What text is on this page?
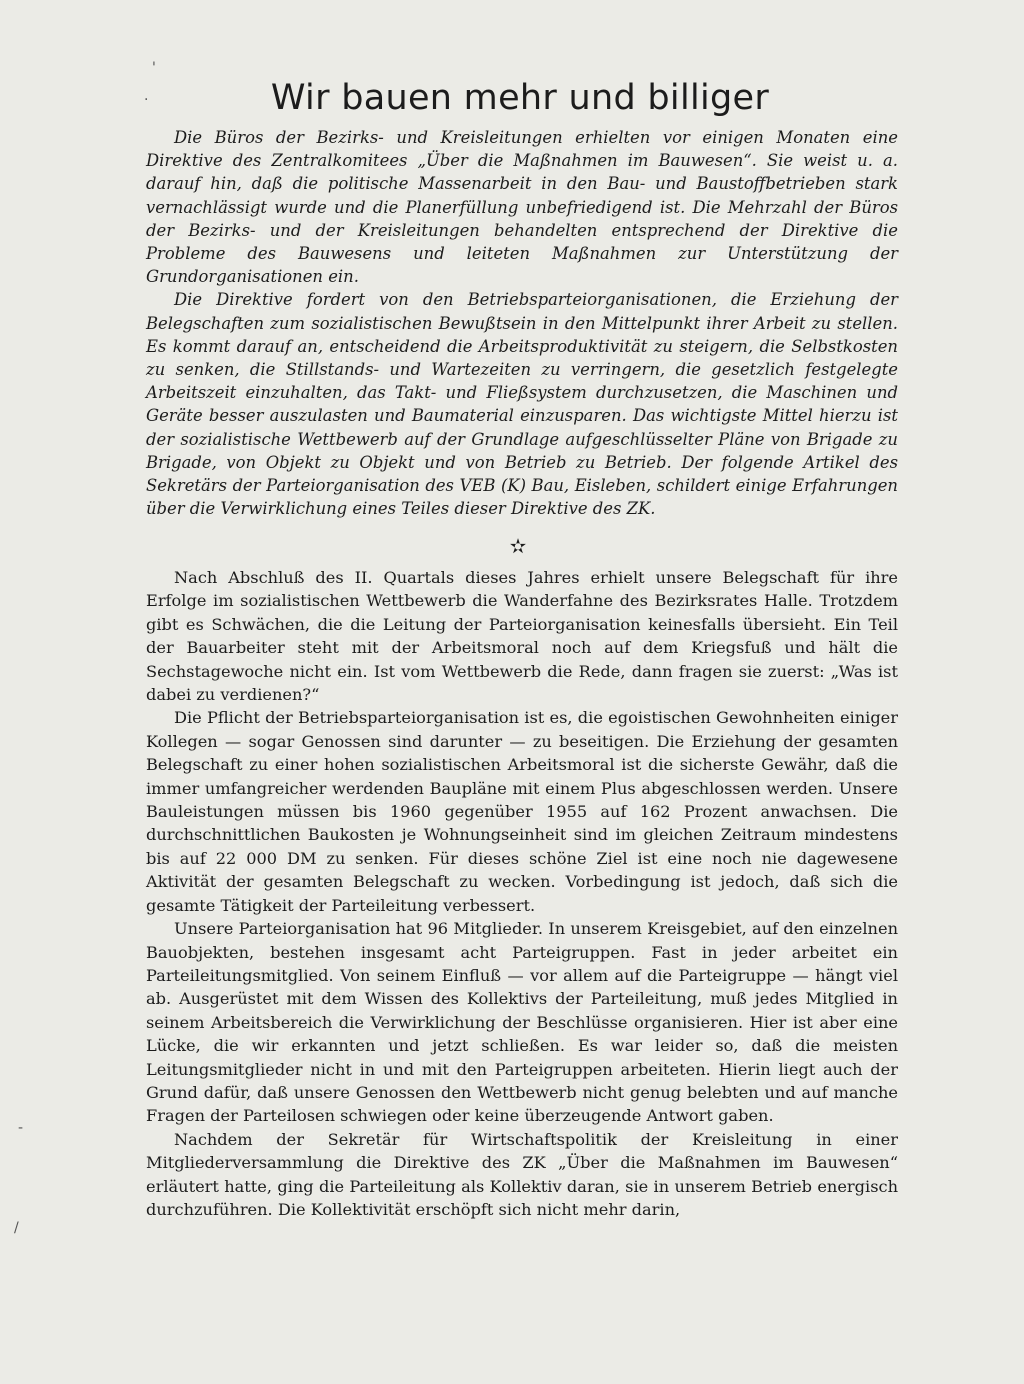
Wir bauen mehr und billiger

Die Büros der Bezirks- und Kreisleitungen erhielten vor einigen Monaten eine Direktive des Zentralkomitees „Über die Maßnahmen im Bauwesen“. Sie weist u. a. darauf hin, daß die politische Massenarbeit in den Bau- und Baustoffbetrieben stark vernachlässigt wurde und die Planerfüllung unbefriedigend ist. Die Mehrzahl der Büros der Bezirks- und der Kreisleitungen behandelten entsprechend der Direktive die Probleme des Bauwesens und leiteten Maßnahmen zur Unterstützung der Grundorganisationen ein.

Die Direktive fordert von den Betriebsparteiorganisationen, die Erziehung der Belegschaften zum sozialistischen Bewußtsein in den Mittelpunkt ihrer Arbeit zu stellen. Es kommt darauf an, entscheidend die Arbeitsproduktivität zu steigern, die Selbstkosten zu senken, die Stillstands- und Wartezeiten zu verringern, die gesetzlich festgelegte Arbeitszeit einzuhalten, das Takt- und Fließsystem durchzusetzen, die Maschinen und Geräte besser auszulasten und Baumaterial einzusparen. Das wichtigste Mittel hierzu ist der sozialistische Wettbewerb auf der Grundlage aufgeschlüsselter Pläne von Brigade zu Brigade, von Objekt zu Objekt und von Betrieb zu Betrieb. Der folgende Artikel des Sekretärs der Parteiorganisation des VEB (K) Bau, Eisleben, schildert einige Erfahrungen über die Verwirklichung eines Teiles dieser Direktive des ZK.

✫

Nach Abschluß des II. Quartals dieses Jahres erhielt unsere Belegschaft für ihre Erfolge im sozialistischen Wettbewerb die Wanderfahne des Bezirksrates Halle. Trotzdem gibt es Schwächen, die die Leitung der Parteiorganisation keinesfalls übersieht. Ein Teil der Bauarbeiter steht mit der Arbeitsmoral noch auf dem Kriegsfuß und hält die Sechstagewoche nicht ein. Ist vom Wettbewerb die Rede, dann fragen sie zuerst: „Was ist dabei zu verdienen?“

Die Pflicht der Betriebsparteiorganisation ist es, die egoistischen Gewohnheiten einiger Kollegen — sogar Genossen sind darunter — zu beseitigen. Die Erziehung der gesamten Belegschaft zu einer hohen sozialistischen Arbeitsmoral ist die sicherste Gewähr, daß die immer umfangreicher werdenden Baupläne mit einem Plus abgeschlossen werden. Unsere Bauleistungen müssen bis 1960 gegenüber 1955 auf 162 Prozent anwachsen. Die durchschnittlichen Baukosten je Wohnungseinheit sind im gleichen Zeitraum mindestens bis auf 22 000 DM zu senken. Für dieses schöne Ziel ist eine noch nie dagewesene Aktivität der gesamten Belegschaft zu wecken. Vorbedingung ist jedoch, daß sich die gesamte Tätigkeit der Parteileitung verbessert.

Unsere Parteiorganisation hat 96 Mitglieder. In unserem Kreisgebiet, auf den einzelnen Bauobjekten, bestehen insgesamt acht Parteigruppen. Fast in jeder arbeitet ein Parteileitungsmitglied. Von seinem Einfluß — vor allem auf die Parteigruppe — hängt viel ab. Ausgerüstet mit dem Wissen des Kollektivs der Parteileitung, muß jedes Mitglied in seinem Arbeitsbereich die Verwirklichung der Beschlüsse organisieren. Hier ist aber eine Lücke, die wir erkannten und jetzt schließen. Es war leider so, daß die meisten Leitungsmitglieder nicht in und mit den Parteigruppen arbeiteten. Hierin liegt auch der Grund dafür, daß unsere Genossen den Wettbewerb nicht genug belebten und auf manche Fragen der Parteilosen schwiegen oder keine überzeugende Antwort gaben.

Nachdem der Sekretär für Wirtschaftspolitik der Kreisleitung in einer Mitgliederversammlung die Direktive des ZK „Über die Maßnahmen im Bauwesen“ erläutert hatte, ging die Parteileitung als Kollektiv daran, sie in unserem Betrieb energisch durchzuführen. Die Kollektivität erschöpft sich nicht mehr darin,

'
·
-
/
